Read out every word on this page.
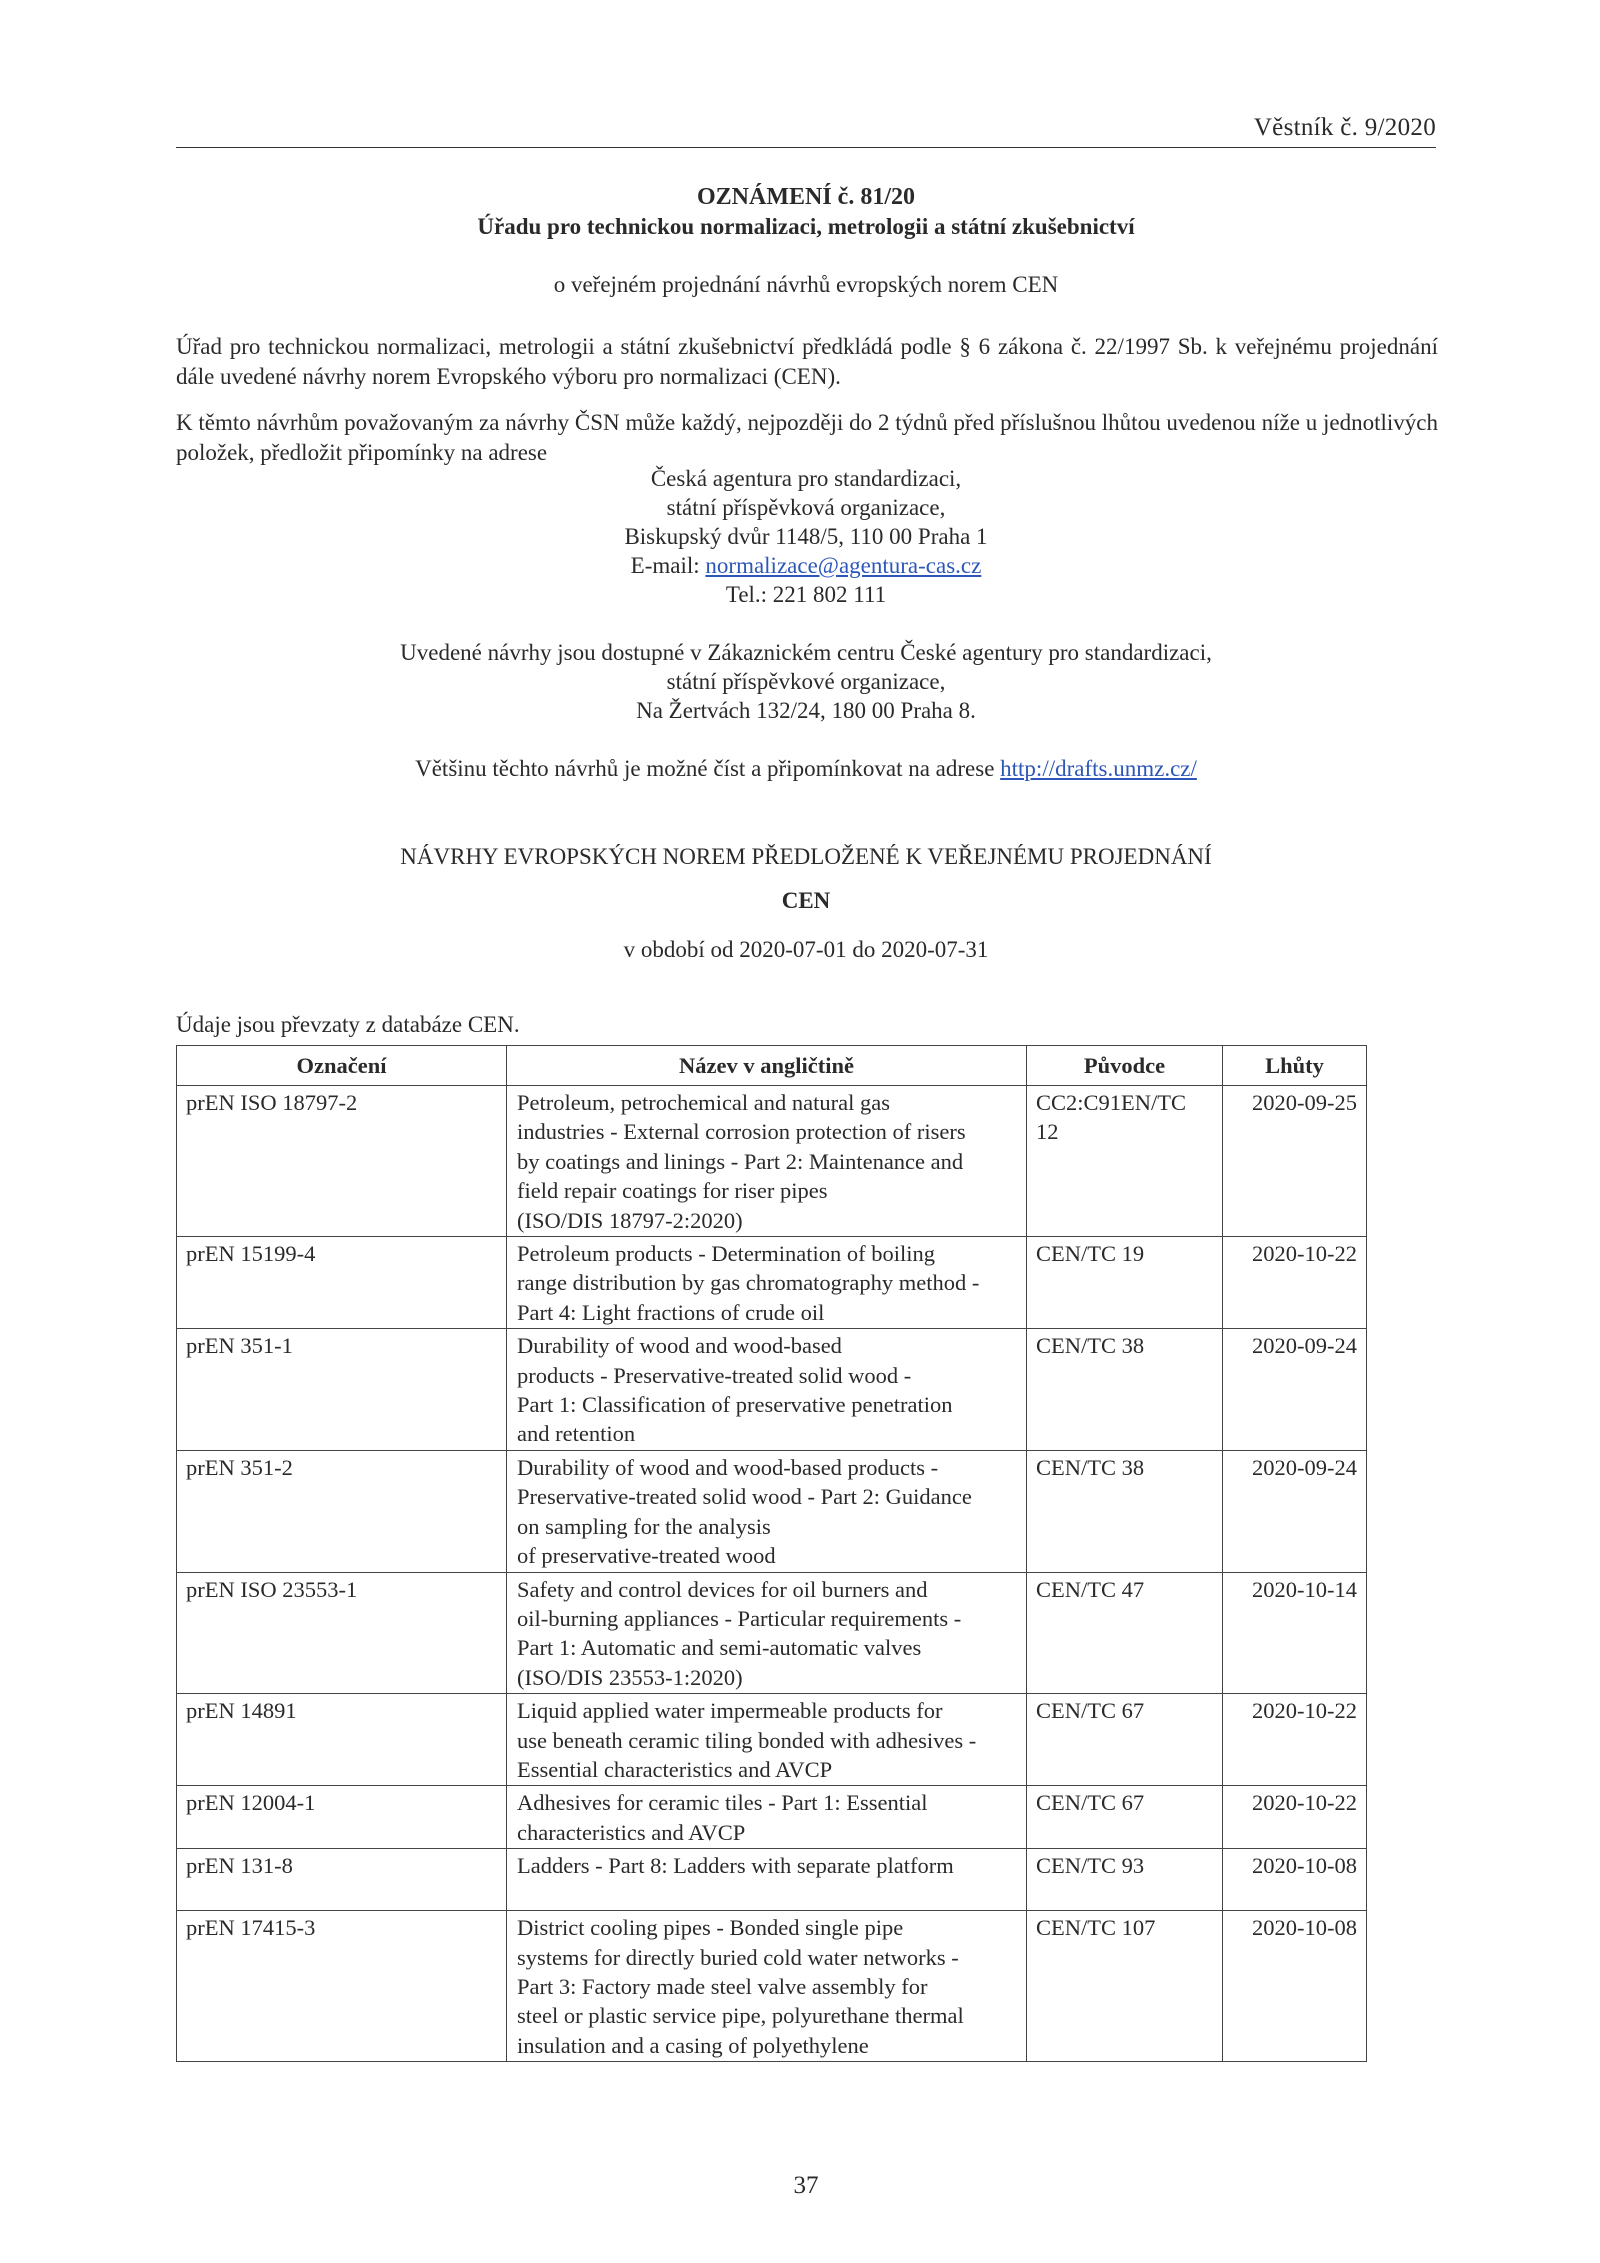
Věstník č. 9/2020
OZNÁMENÍ č. 81/20
Úřadu pro technickou normalizaci, metrologii a státní zkušebnictví
o veřejném projednání návrhů evropských norem CEN
Úřad pro technickou normalizaci, metrologii a státní zkušebnictví předkládá podle § 6 zákona č. 22/1997 Sb. k veřejnému projednání dále uvedené návrhy norem Evropského výboru pro normalizaci (CEN).
K těmto návrhům považovaným za návrhy ČSN může každý, nejpozději do 2 týdnů před příslušnou lhůtou uvedenou níže u jednotlivých položek, předložit připomínky na adrese
Česká agentura pro standardizaci,
státní příspěvková organizace,
Biskupský dvůr 1148/5, 110 00 Praha 1
E-mail: normalizace@agentura-cas.cz
Tel.: 221 802 111
Uvedené návrhy jsou dostupné v Zákaznickém centru České agentury pro standardizaci,
státní příspěvkové organizace,
Na Žertvách 132/24, 180 00 Praha 8.
Většinu těchto návrhů je možné číst a připomínkovat na adrese http://drafts.unmz.cz/
NÁVRHY EVROPSKÝCH NOREM PŘEDLOŽENÉ K VEŘEJNÉMU PROJEDNÁNÍ
CEN
v období od 2020-07-01 do 2020-07-31
Údaje jsou převzaty z databáze CEN.
Označení	Název v angličtině	Původce	Lhůty
prEN ISO 18797-2	Petroleum, petrochemical and natural gas
industries - External corrosion protection of risers
by coatings and linings - Part 2: Maintenance and
field repair coatings for riser pipes
(ISO/DIS 18797-2:2020)	CC2:C91EN/TC 12	2020-09-25
prEN 15199-4	Petroleum products - Determination of boiling
range distribution by gas chromatography method -
Part 4: Light fractions of crude oil	CEN/TC 19	2020-10-22
prEN 351-1	Durability of wood and wood-based
products - Preservative-treated solid wood -
Part 1: Classification of preservative penetration
and retention	CEN/TC 38	2020-09-24
prEN 351-2	Durability of wood and wood-based products -
Preservative-treated solid wood - Part 2: Guidance
on sampling for the analysis
of preservative-treated wood	CEN/TC 38	2020-09-24
prEN ISO 23553-1	Safety and control devices for oil burners and
oil-burning appliances - Particular requirements -
Part 1: Automatic and semi-automatic valves
(ISO/DIS 23553-1:2020)	CEN/TC 47	2020-10-14
prEN 14891	Liquid applied water impermeable products for
use beneath ceramic tiling bonded with adhesives -
Essential characteristics and AVCP	CEN/TC 67	2020-10-22
prEN 12004-1	Adhesives for ceramic tiles - Part 1: Essential
characteristics and AVCP	CEN/TC 67	2020-10-22
prEN 131-8	Ladders - Part 8: Ladders with separate platform	CEN/TC 93	2020-10-08
prEN 17415-3	District cooling pipes - Bonded single pipe
systems for directly buried cold water networks -
Part 3: Factory made steel valve assembly for
steel or plastic service pipe, polyurethane thermal
insulation and a casing of polyethylene	CEN/TC 107	2020-10-08
37
